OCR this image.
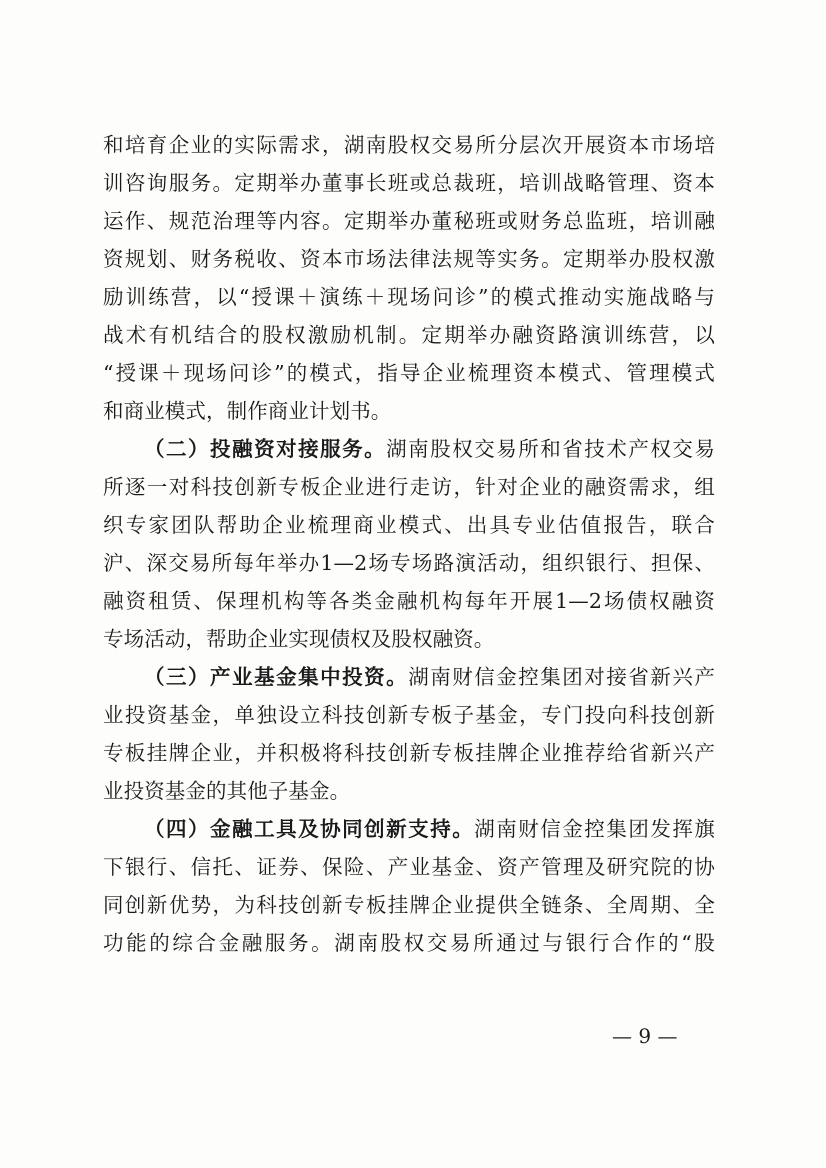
和培育企业的实际需求，湖南股权交易所分层次开展资本市场培
训咨询服务。定期举办董事长班或总裁班，培训战略管理、资本
运作、规范治理等内容。定期举办董秘班或财务总监班，培训融
资规划、财务税收、资本市场法律法规等实务。定期举办股权激
励训练营，以“授课＋演练＋现场问诊”的模式推动实施战略与
战术有机结合的股权激励机制。定期举办融资路演训练营，以
“授课＋现场问诊”的模式，指导企业梳理资本模式、管理模式
和商业模式，制作商业计划书。
（二）投融资对接服务。湖南股权交易所和省技术产权交易
所逐一对科技创新专板企业进行走访，针对企业的融资需求，组
织专家团队帮助企业梳理商业模式、出具专业估值报告，联合
沪、深交易所每年举办1—2场专场路演活动，组织银行、担保、
融资租赁、保理机构等各类金融机构每年开展1—2场债权融资
专场活动，帮助企业实现债权及股权融资。
（三）产业基金集中投资。湖南财信金控集团对接省新兴产
业投资基金，单独设立科技创新专板子基金，专门投向科技创新
专板挂牌企业，并积极将科技创新专板挂牌企业推荐给省新兴产
业投资基金的其他子基金。
（四）金融工具及协同创新支持。湖南财信金控集团发挥旗
下银行、信托、证券、保险、产业基金、资产管理及研究院的协
同创新优势，为科技创新专板挂牌企业提供全链条、全周期、全
功能的综合金融服务。湖南股权交易所通过与银行合作的“股
— 9 —
